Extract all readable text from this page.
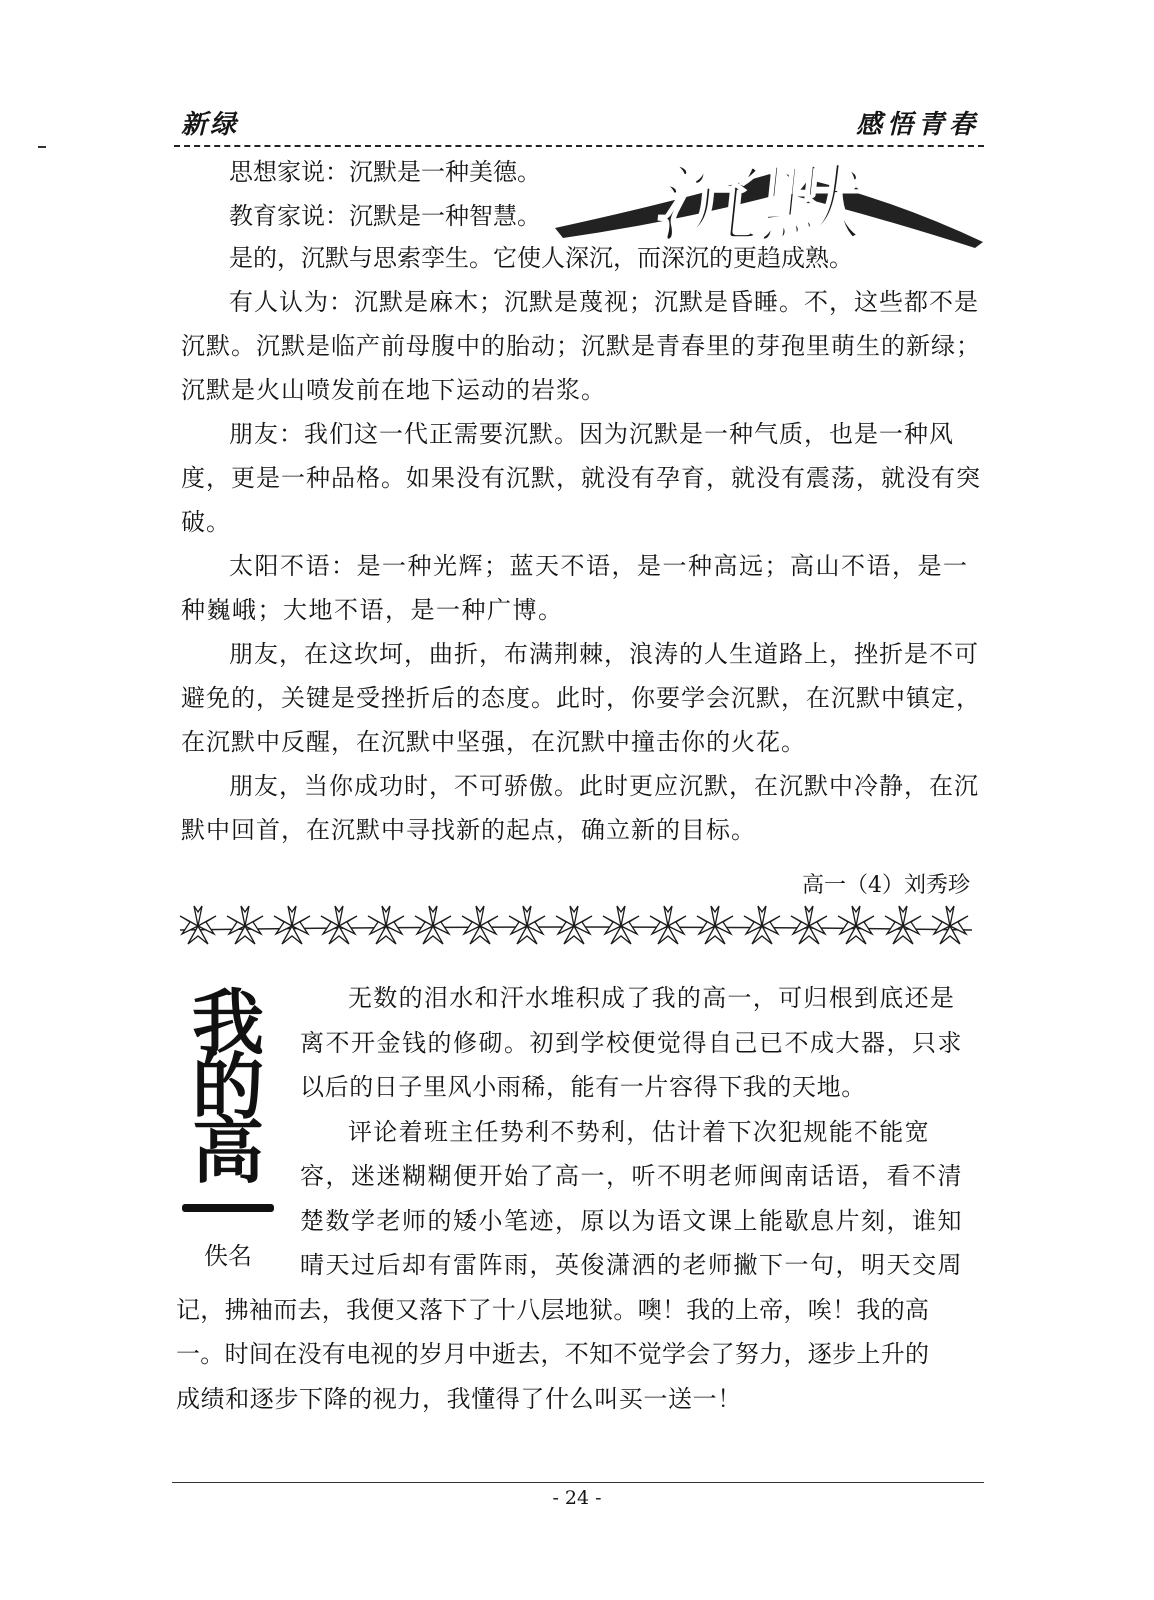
新绿	感悟青春

思想家说：沉默是一种美德。

教育家说：沉默是一种智慧。

是的，沉默与思索孪生。它使人深沉，而深沉的更趋成熟。

有人认为：沉默是麻木；沉默是蔑视；沉默是昏睡。不，这些都不是沉默。沉默是临产前母腹中的胎动；沉默是青春里的芽孢里萌生的新绿；沉默是火山喷发前在地下运动的岩浆。

朋友：我们这一代正需要沉默。因为沉默是一种气质，也是一种风度，更是一种品格。如果没有沉默，就没有孕育，就没有震荡，就没有突破。

太阳不语：是一种光辉；蓝天不语，是一种高远；高山不语，是一种巍峨；大地不语，是一种广博。

朋友，在这坎坷，曲折，布满荆棘，浪涛的人生道路上，挫折是不可避免的，关键是受挫折后的态度。此时，你要学会沉默，在沉默中镇定，在沉默中反醒，在沉默中坚强，在沉默中撞击你的火花。

朋友，当你成功时，不可骄傲。此时更应沉默，在沉默中冷静，在沉默中回首，在沉默中寻找新的起点，确立新的目标。

沉默

高一（4）刘秀珍

我
的
高

佚名

无数的泪水和汗水堆积成了我的高一，可归根到底还是

离不开金钱的修砌。初到学校便觉得自己已不成大器，只求

以后的日子里风小雨稀，能有一片容得下我的天地。

评论着班主任势利不势利，估计着下次犯规能不能宽

容，迷迷糊糊便开始了高一，听不明老师闽南话语，看不清

楚数学老师的矮小笔迹，原以为语文课上能歇息片刻，谁知

晴天过后却有雷阵雨，英俊潇洒的老师撇下一句，明天交周

记，拂袖而去，我便又落下了十八层地狱。噢！我的上帝，唉！我的高

一。时间在没有电视的岁月中逝去，不知不觉学会了努力，逐步上升的

成绩和逐步下降的视力，我懂得了什么叫买一送一！

- 24 -
